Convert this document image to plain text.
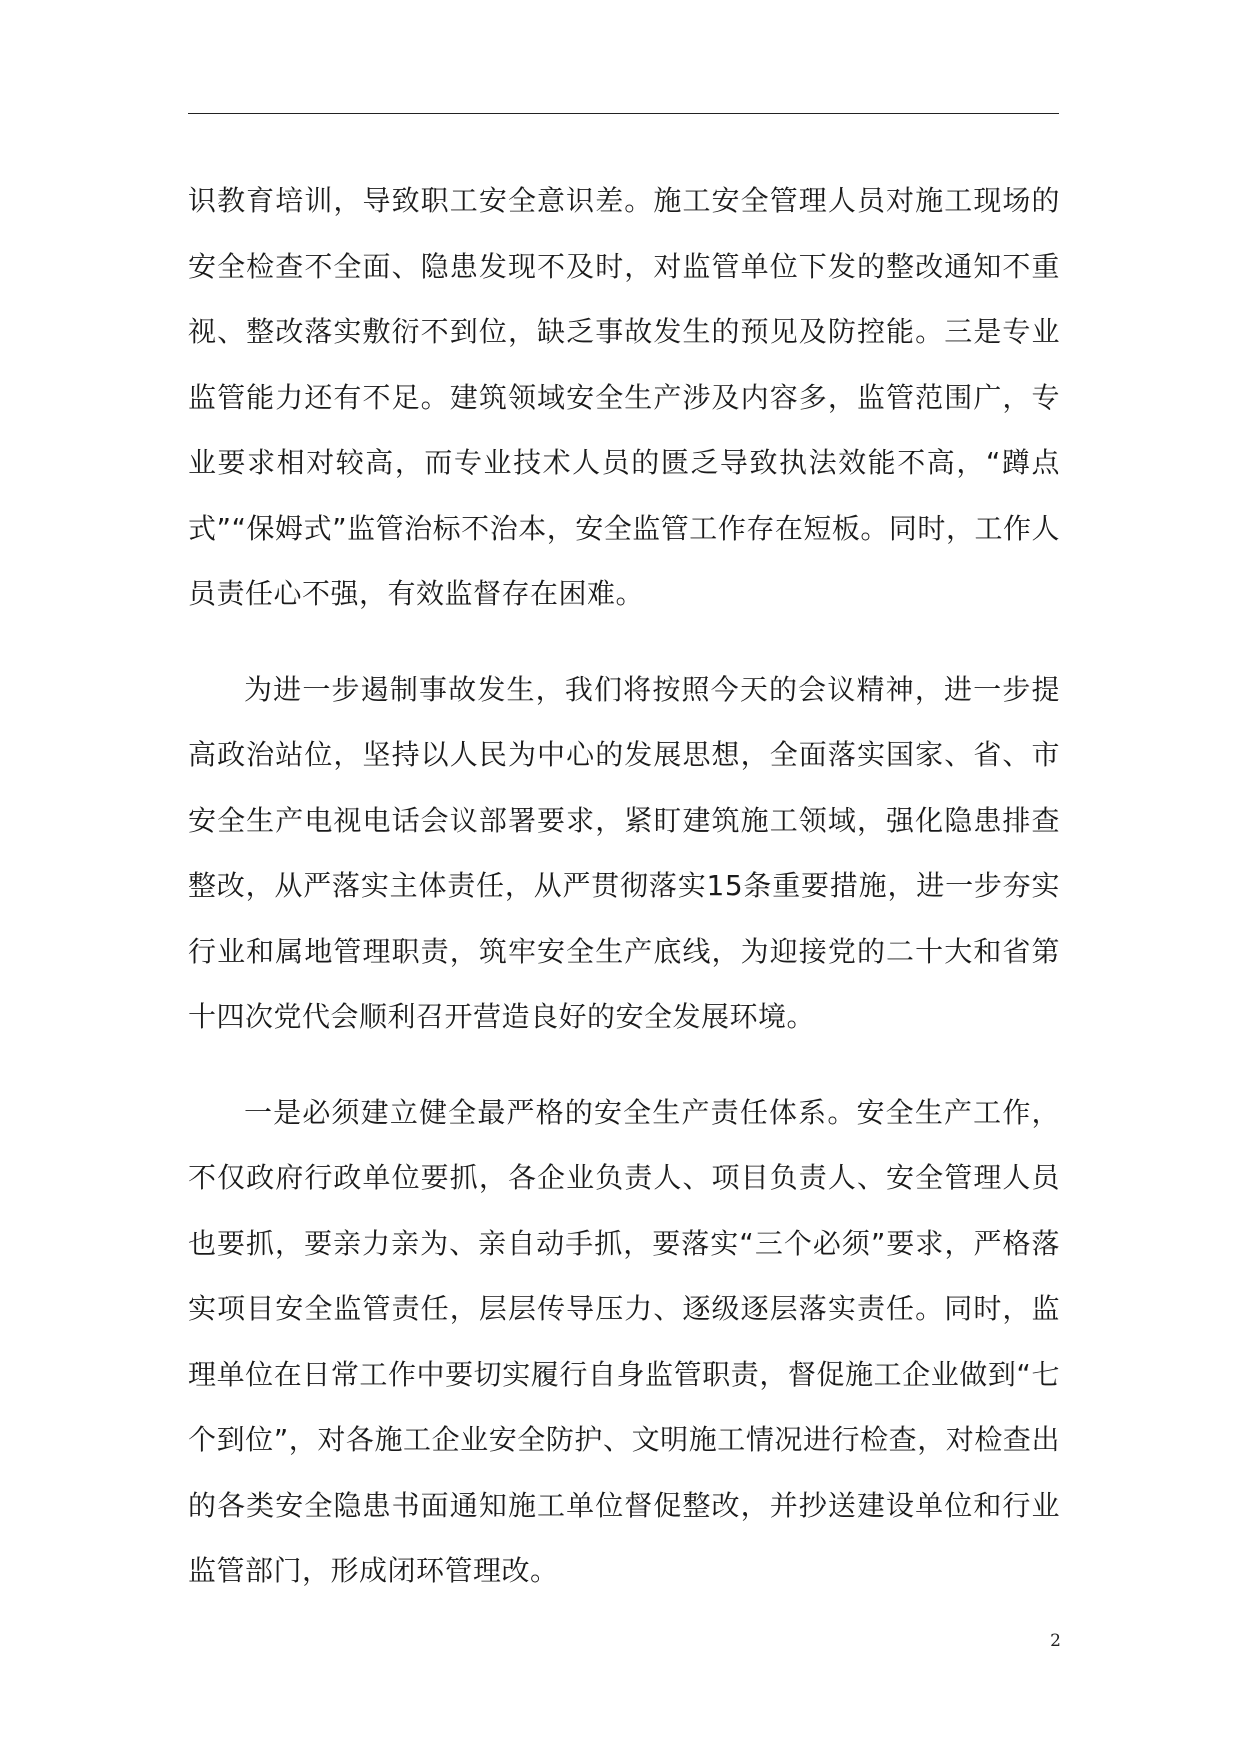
识教育培训，导致职工安全意识差。施工安全管理人员对施工现场的安全检查不全面、隐患发现不及时，对监管单位下发的整改通知不重视、整改落实敷衍不到位，缺乏事故发生的预见及防控能。三是专业监管能力还有不足。建筑领域安全生产涉及内容多，监管范围广，专业要求相对较高，而专业技术人员的匮乏导致执法效能不高，“蹲点式”“保姆式”监管治标不治本，安全监管工作存在短板。同时，工作人员责任心不强，有效监督存在困难。

为进一步遏制事故发生，我们将按照今天的会议精神，进一步提高政治站位，坚持以人民为中心的发展思想，全面落实国家、省、市安全生产电视电话会议部署要求，紧盯建筑施工领域，强化隐患排查整改，从严落实主体责任，从严贯彻落实15条重要措施，进一步夯实行业和属地管理职责，筑牢安全生产底线，为迎接党的二十大和省第十四次党代会顺利召开营造良好的安全发展环境。

一是必须建立健全最严格的安全生产责任体系。安全生产工作，不仅政府行政单位要抓，各企业负责人、项目负责人、安全管理人员也要抓，要亲力亲为、亲自动手抓，要落实“三个必须”要求，严格落实项目安全监管责任，层层传导压力、逐级逐层落实责任。同时，监理单位在日常工作中要切实履行自身监管职责，督促施工企业做到“七个到位”，对各施工企业安全防护、文明施工情况进行检查，对检查出的各类安全隐患书面通知施工单位督促整改，并抄送建设单位和行业监管部门，形成闭环管理改。

2
